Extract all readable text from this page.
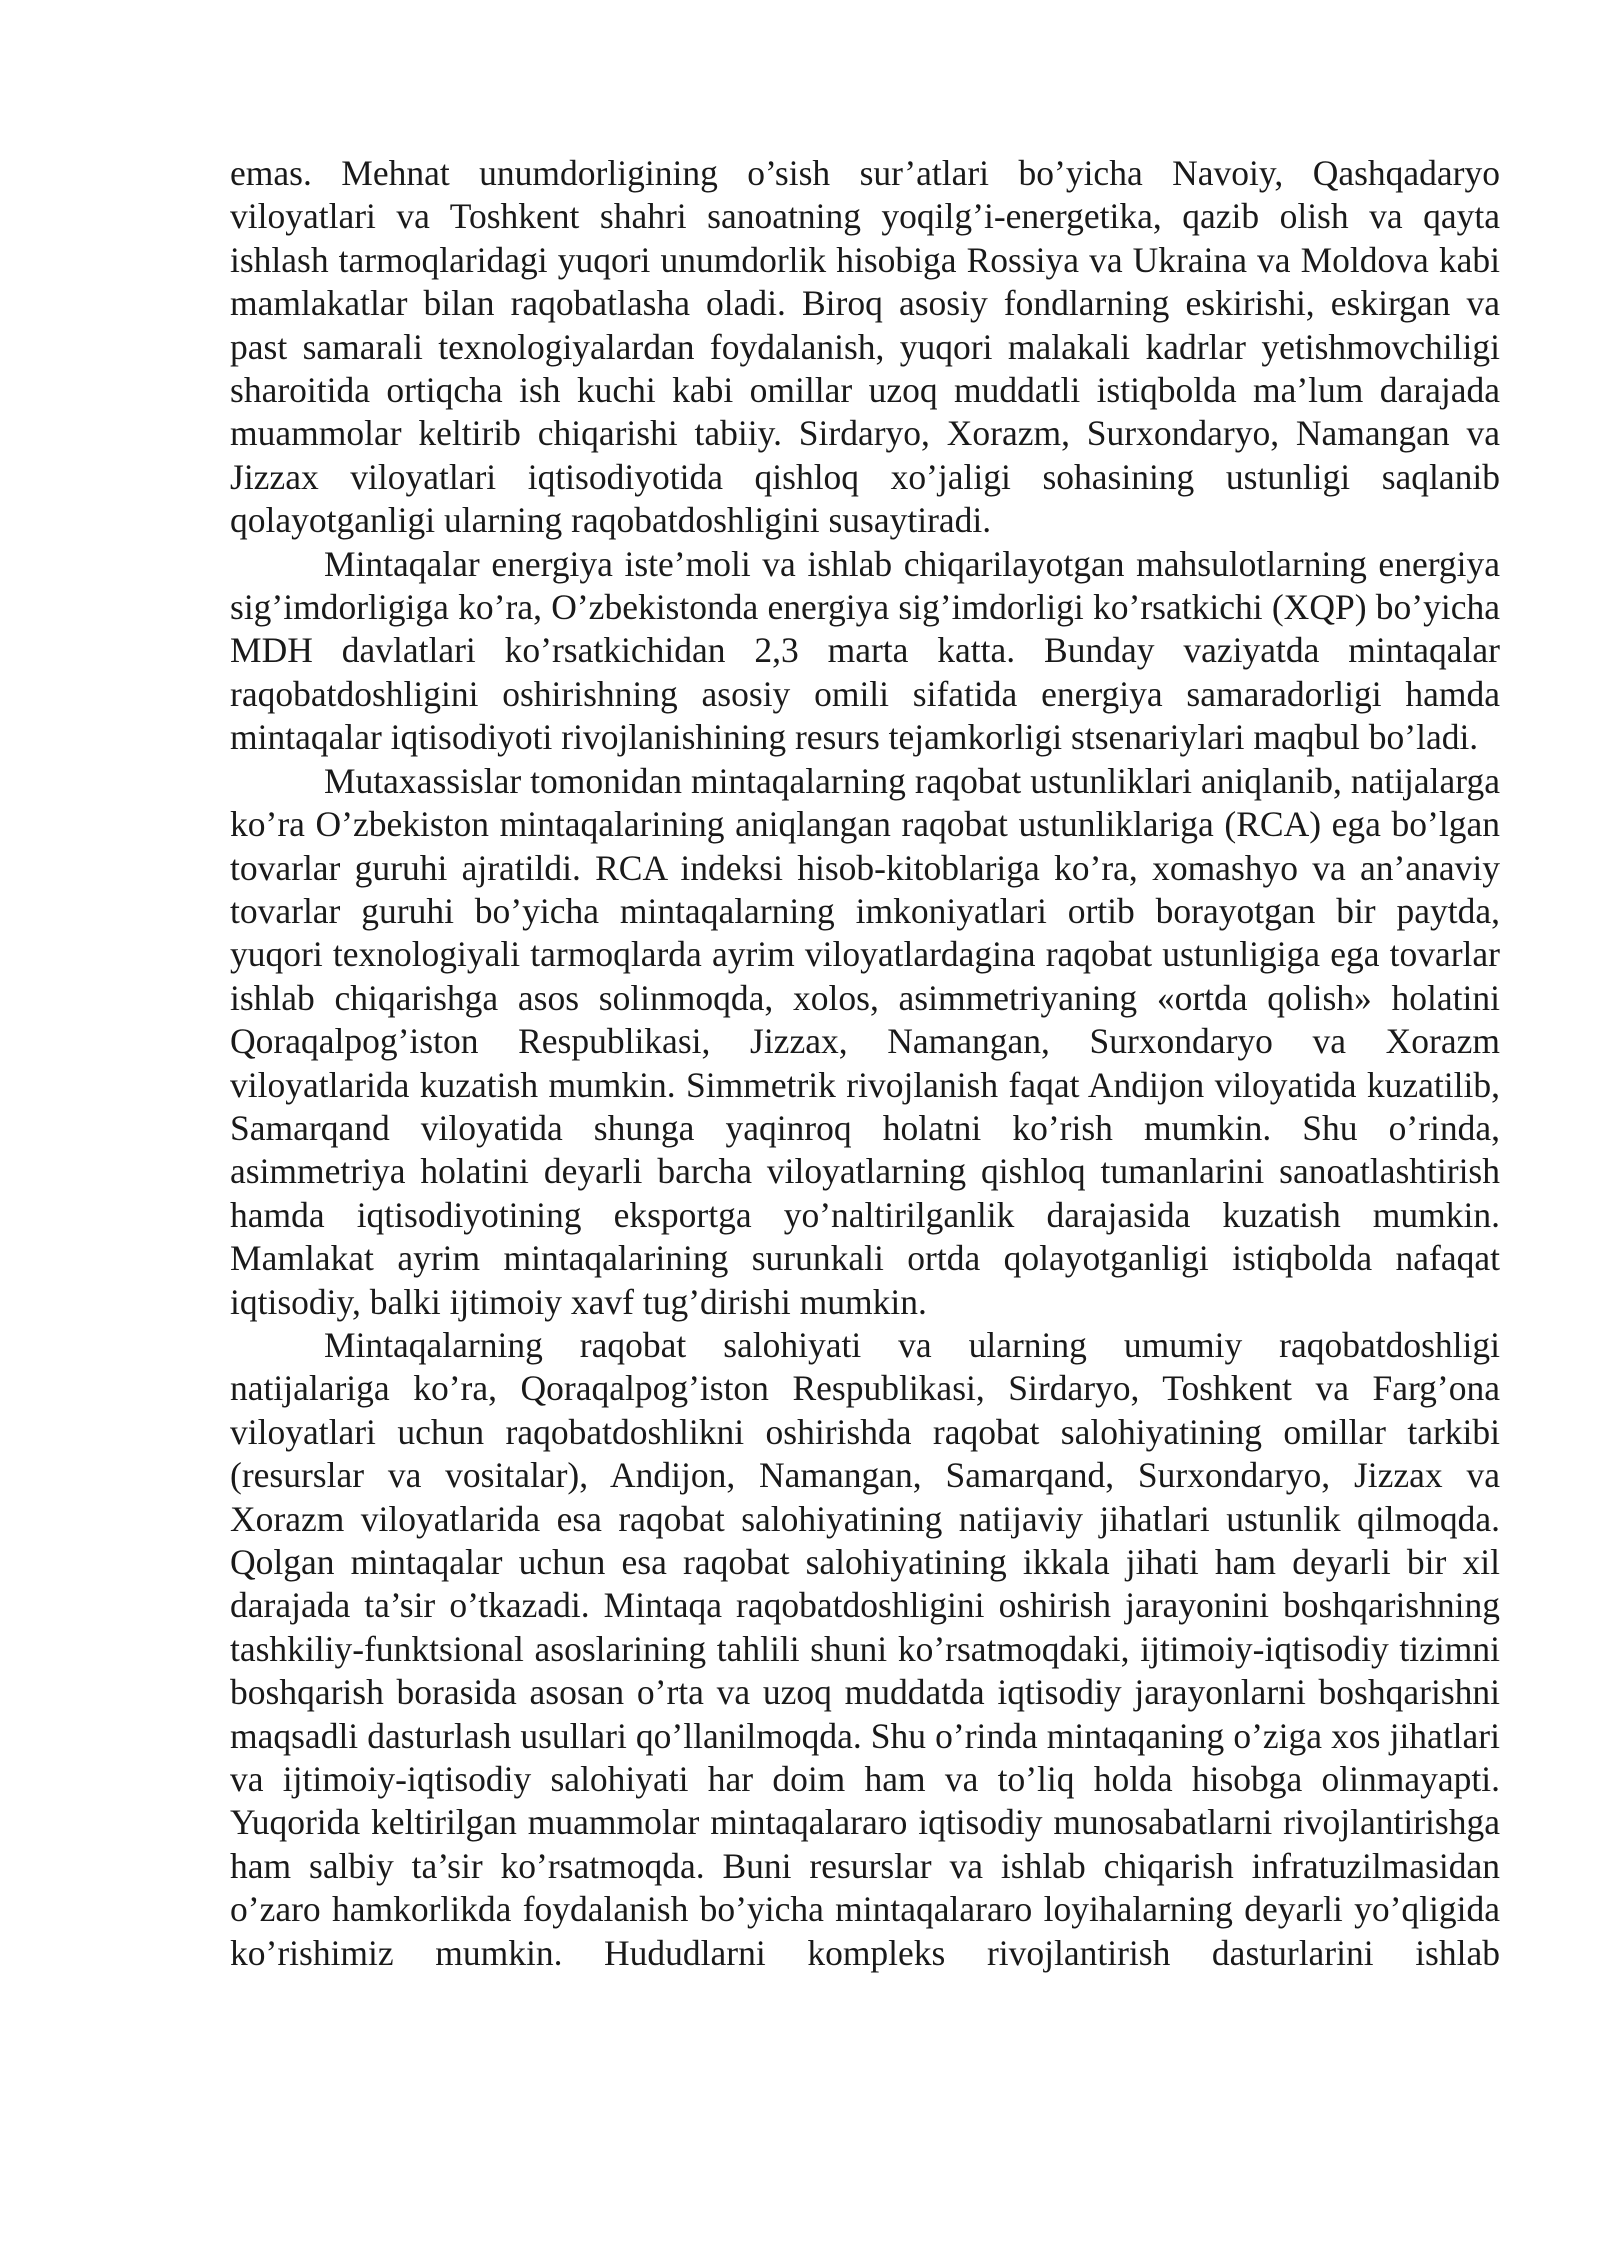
emas. Mehnat unumdorligining o’sish sur’atlari bo’yicha Navoiy, Qashqadaryo viloyatlari va Toshkent shahri sanoatning yoqilg’i-energetika, qazib olish va qayta ishlash tarmoqlaridagi yuqori unumdorlik hisobiga Rossiya va Ukraina va Moldova kabi mamlakatlar bilan raqobatlasha oladi. Biroq asosiy fondlarning eskirishi, eskirgan va past samarali texnologiyalardan foydalanish, yuqori malakali kadrlar yetishmovchiligi sharoitida ortiqcha ish kuchi kabi omillar uzoq muddatli istiqbolda ma’lum darajada muammolar keltirib chiqarishi tabiiy. Sirdaryo, Xorazm, Surxondaryo, Namangan va Jizzax viloyatlari iqtisodiyotida qishloq xo’jaligi sohasining ustunligi saqlanib qolayotganligi ularning raqobatdoshligini susaytiradi.

Mintaqalar energiya iste’moli va ishlab chiqarilayotgan mahsulotlarning energiya sig’imdorligiga ko’ra, O’zbekistonda energiya sig’imdorligi ko’rsatkichi (XQP) bo’yicha MDH davlatlari ko’rsatkichidan 2,3 marta katta. Bunday vaziyatda mintaqalar raqobatdoshligini oshirishning asosiy omili sifatida energiya samaradorligi hamda mintaqalar iqtisodiyoti rivojlanishining resurs tejamkorligi stsenariylari maqbul bo’ladi.

Mutaxassislar tomonidan mintaqalarning raqobat ustunliklari aniqlanib, natijalarga ko’ra O’zbekiston mintaqalarining aniqlangan raqobat ustunliklariga (RCA) ega bo’lgan tovarlar guruhi ajratildi. RCA indeksi hisob-kitoblariga ko’ra, xomashyo va an’anaviy tovarlar guruhi bo’yicha mintaqalarning imkoniyatlari ortib borayotgan bir paytda, yuqori texnologiyali tarmoqlarda ayrim viloyatlardagina raqobat ustunligiga ega tovarlar ishlab chiqarishga asos solinmoqda, xolos, asimmetriyaning «ortda qolish» holatini Qoraqalpog’iston Respublikasi, Jizzax, Namangan, Surxondaryo va Xorazm viloyatlarida kuzatish mumkin. Simmetrik rivojlanish faqat Andijon viloyatida kuzatilib, Samarqand viloyatida shunga yaqinroq holatni ko’rish mumkin. Shu o’rinda, asimmetriya holatini deyarli barcha viloyatlarning qishloq tumanlarini sanoatlashtirish hamda iqtisodiyotining eksportga yo’naltirilganlik darajasida kuzatish mumkin. Mamlakat ayrim mintaqalarining surunkali ortda qolayotganligi istiqbolda nafaqat iqtisodiy, balki ijtimoiy xavf tug’dirishi mumkin.

Mintaqalarning raqobat salohiyati va ularning umumiy raqobatdoshligi natijalariga ko’ra, Qoraqalpog’iston Respublikasi, Sirdaryo, Toshkent va Farg’ona viloyatlari uchun raqobatdoshlikni oshirishda raqobat salohiyatining omillar tarkibi (resurslar va vositalar), Andijon, Namangan, Samarqand, Surxondaryo, Jizzax va Xorazm viloyatlarida esa raqobat salohiyatining natijaviy jihatlari ustunlik qilmoqda. Qolgan mintaqalar uchun esa raqobat salohiyatining ikkala jihati ham deyarli bir xil darajada ta’sir o’tkazadi. Mintaqa raqobatdoshligini oshirish jarayonini boshqarishning tashkiliy-funktsional asoslarining tahlili shuni ko’rsatmoqdaki, ijtimoiy-iqtisodiy tizimni boshqarish borasida asosan o’rta va uzoq muddatda iqtisodiy jarayonlarni boshqarishni maqsadli dasturlash usullari qo’llanilmoqda. Shu o’rinda mintaqaning o’ziga xos jihatlari va ijtimoiy-iqtisodiy salohiyati har doim ham va to’liq holda hisobga olinmayapti. Yuqorida keltirilgan muammolar mintaqalararo iqtisodiy munosabatlarni rivojlantirishga ham salbiy ta’sir ko’rsatmoqda. Buni resurslar va ishlab chiqarish infratuzilmasidan o’zaro hamkorlikda foydalanish bo’yicha mintaqalararo loyihalarning deyarli yo’qligida ko’rishimiz mumkin. Hududlarni kompleks rivojlantirish dasturlarini ishlab
